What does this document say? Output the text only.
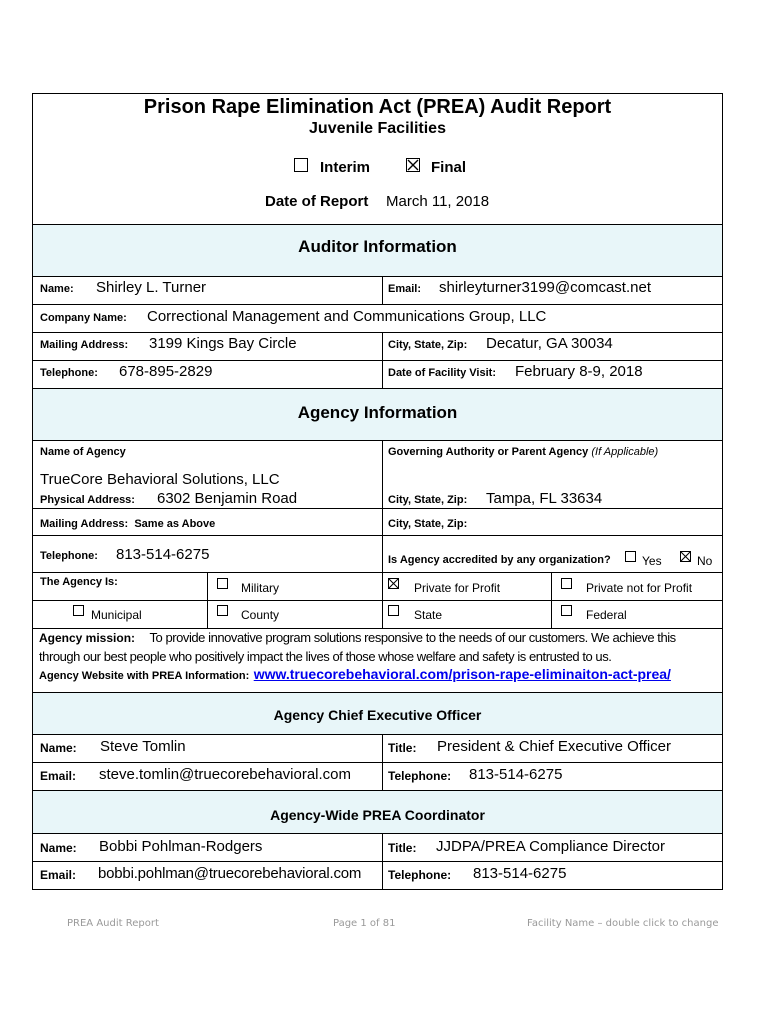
Prison Rape Elimination Act (PREA) Audit Report
Juvenile Facilities
Interim	Final
Date of Report March 11, 2018
Auditor Information
Name: Shirley L. Turner	Email: shirleyturner3199@comcast.net
Company Name: Correctional Management and Communications Group, LLC
Mailing Address: 3199 Kings Bay Circle	City, State, Zip: Decatur, GA 30034
Telephone: 678-895-2829	Date of Facility Visit: February 8-9, 2018
Agency Information
Name of Agency	Governing Authority or Parent Agency (If Applicable)
TrueCore Behavioral Solutions, LLC
Physical Address: 6302 Benjamin Road	City, State, Zip: Tampa, FL 33634
Mailing Address: Same as Above	City, State, Zip:
Telephone: 813-514-6275	Is Agency accredited by any organization?	Yes	No
The Agency Is:	Military	Private for Profit	Private not for Profit
Municipal	County	State	Federal
Agency mission: To provide innovative program solutions responsive to the needs of our customers. We achieve this
through our best people who positively impact the lives of those whose welfare and safety is entrusted to us.
Agency Website with PREA Information: www.truecorebehavioral.com/prison-rape-eliminaiton-act-prea/
Agency Chief Executive Officer
Name: Steve Tomlin	Title: President & Chief Executive Officer
Email: steve.tomlin@truecorebehavioral.com	Telephone: 813-514-6275
Agency-Wide PREA Coordinator
Name: Bobbi Pohlman-Rodgers	Title: JJDPA/PREA Compliance Director
Email: bobbi.pohlman@truecorebehavioral.com Telephone: 813-514-6275
PREA Audit Report	Page 1 of 81	Facility Name – double click to change
